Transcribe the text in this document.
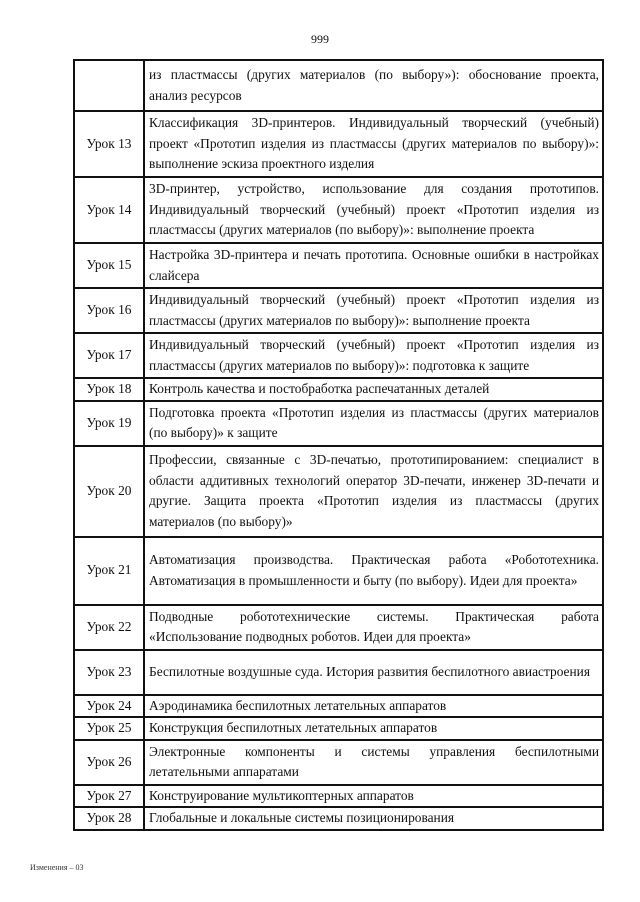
999
	из пластмассы (других материалов (по выбору»): обоснование проекта, анализ ресурсов
Урок 13	Классификация 3D-принтеров. Индивидуальный творческий (учебный) проект «Прототип изделия из пластмассы (других материалов по выбору)»: выполнение эскиза проектного изделия
Урок 14	3D-принтер, устройство, использование для создания прототипов. Индивидуальный творческий (учебный) проект «Прототип изделия из пластмассы (других материалов (по выбору)»: выполнение проекта
Урок 15	Настройка 3D-принтера и печать прототипа. Основные ошибки в настройках слайсера
Урок 16	Индивидуальный творческий (учебный) проект «Прототип изделия из пластмассы (других материалов по выбору)»: выполнение проекта
Урок 17	Индивидуальный творческий (учебный) проект «Прототип изделия из пластмассы (других материалов по выбору)»: подготовка к защите
Урок 18	Контроль качества и постобработка распечатанных деталей
Урок 19	Подготовка проекта «Прототип изделия из пластмассы (других материалов (по выбору)» к защите
Урок 20	Профессии, связанные с 3D-печатью, прототипированием: специалист в области аддитивных технологий оператор 3D-печати, инженер 3D-печати и другие. Защита проекта «Прототип изделия из пластмассы (других материалов (по выбору)»
Урок 21	Автоматизация производства. Практическая работа «Робототехника. Автоматизация в промышленности и быту (по выбору). Идеи для проекта»
Урок 22	Подводные робототехнические системы. Практическая работа «Использование подводных роботов. Идеи для проекта»
Урок 23	Беспилотные воздушные суда. История развития беспилотного авиастроения
Урок 24	Аэродинамика беспилотных летательных аппаратов
Урок 25	Конструкция беспилотных летательных аппаратов
Урок 26	Электронные компоненты и системы управления беспилотными летательными аппаратами
Урок 27	Конструирование мультикоптерных аппаратов
Урок 28	Глобальные и локальные системы позиционирования
Изменения – 03
